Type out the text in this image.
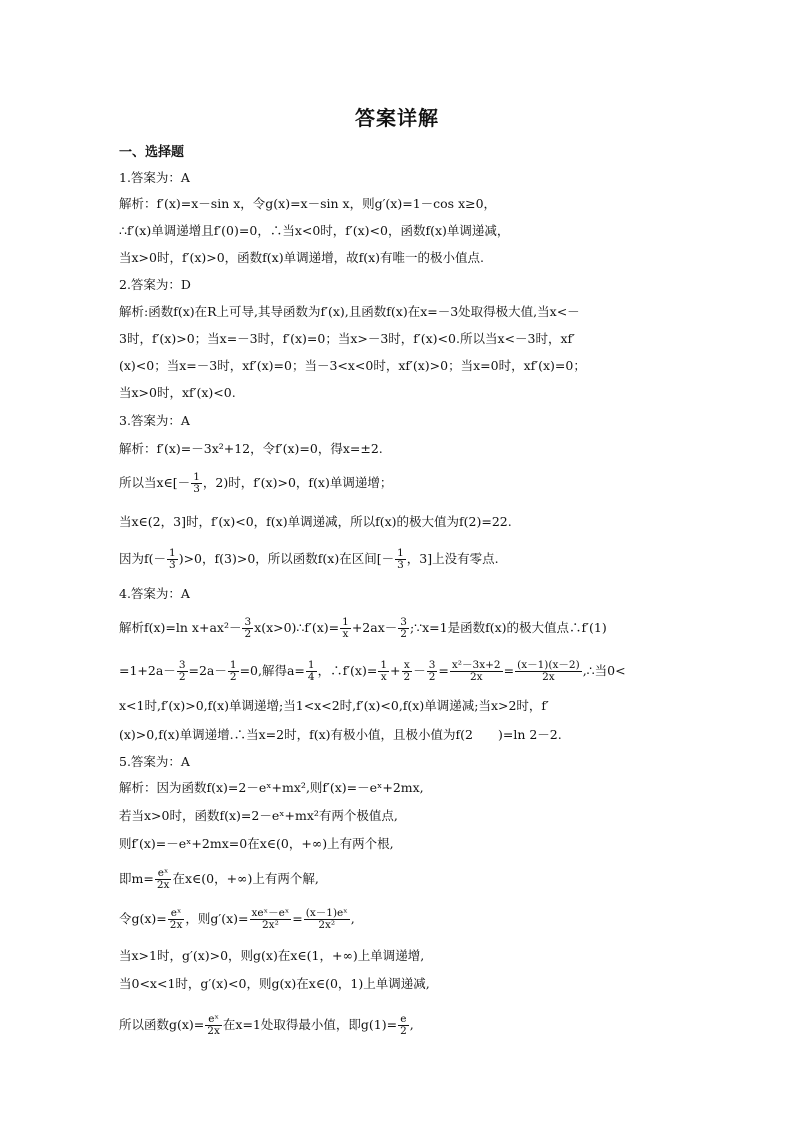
答案详解
一、选择题
1.答案为：A
解析：f′(x)=x－sin x，令g(x)=x－sin x，则g′(x)=1－cos x≥0，
∴f′(x)单调递增且f′(0)=0，∴当x<0时，f′(x)<0，函数f(x)单调递减，
当x>0时，f′(x)>0，函数f(x)单调递增，故f(x)有唯一的极小值点.
2.答案为：D
解析:函数f(x)在R上可导,其导函数为f′(x),且函数f(x)在x=－3处取得极大值,当x<－
3时，f′(x)>0；当x=－3时，f′(x)=0；当x>－3时，f′(x)<0.所以当x<－3时，xf′
(x)<0；当x=－3时，xf′(x)=0；当－3<x<0时，xf′(x)>0；当x=0时，xf′(x)=0；
当x>0时，xf′(x)<0.
3.答案为：A
解析：f′(x)=－3x²+12，令f′(x)=0，得x=±2.
所以当x∈[－ $\frac{1}{3}$ ，2)时，f′(x)>0，f(x)单调递增；
当x∈(2，3]时，f′(x)<0，f(x)单调递减，所以f(x)的极大值为f(2)=22.
因为$f(- \frac{1}{3} )>0$，f(3)>0，所以函数f(x)在区间[－ $\frac{1}{3}$ ，3]上没有零点.
4.答案为：A
解析f(x)=ln $x+ax^2- \frac{3}{2}$ x(x>0)∴f′(x)= $\frac{1}{x} +2ax- \frac{3}{2}$ ;∵x=1是函数f(x)的极大值点∴f′(1)
$=1+2a- \frac{3}{2} =2a- \frac{1}{2} =0$,解得$a= \frac{1}{4}$ ，∴f′(x)= $\frac{1}{x} + \frac{x}{2} - \frac{3}{2} = \frac{\text{x²－3x+2}}{2x} = \frac{(x-1)(x-2)}{2x}$ ,∴当0<
x<1时,f′(x)>0,f(x)单调递增;当1<x<2时,f′(x)<0,f(x)单调递减;当x>2时，f′
(x)>0,f(x)单调递增.∴当x=2时，f(x)有极小值，且极小值为f(2　　)=ln 2－2.
5.答案为：A
解析：因为函数f(x)=2－eˣ+mx²,则f′(x)=－eˣ+2mx,
若当x>0时，函数f(x)=2－eˣ+mx²有两个极值点,
则f′(x)=－eˣ+2mx=0在x∈(0，+∞)上有两个根,
即$m= \frac{\text{eˣ}}{2x}$ 在x∈(0，+∞)上有两个解,
令$g(x)= \frac{\text{eˣ}}{2x}$ ，则$g'(x)= \frac{\text{xeˣ－eˣ}}{\text{2x²}} = \frac{\text{(x－1)eˣ}}{\text{2x²}}$ ,
当x>1时，g′(x)>0，则g(x)在x∈(1，+∞)上单调递增,
当0<x<1时，g′(x)<0，则g(x)在x∈(0，1)上单调递减,
所以函数$g(x)= \frac{\text{eˣ}}{2x}$ 在x=1处取得最小值，即$g(1)= \frac{e}{2}$ ,
